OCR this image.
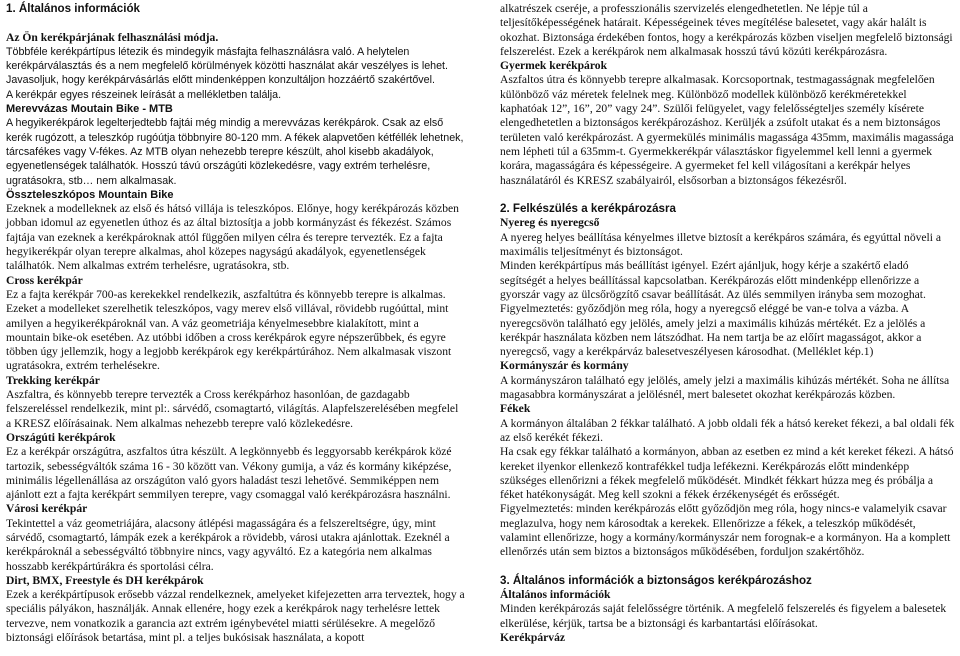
1. Általános információk
Az Ön kerékpárjának felhasználási módja.

Többféle kerékpártípus létezik és mindegyik másfajta felhasználásra való. A helytelen kerékpárválasztás és a nem megfelelő körülmények közötti használat akár veszélyes is lehet.

Javasoljuk, hogy kerékpárvásárlás előtt mindenképpen konzultáljon hozzáértő szakértővel.

A kerékpár egyes részeinek leírását a mellékletben találja.

Merevvázas Moutain Bike - MTB

A hegyikerékpárok legelterjedtebb fajtái még mindig a merevvázas kerékpárok. Csak az első kerék rugózott, a teleszkóp rugóútja többnyire 80-120 mm. A fékek alapvetően kétféllék lehetnek, tárcsafékes vagy V-fékes. Az MTB olyan nehezebb terepre készült, ahol kisebb akadályok, egyenetlenségek találhatók. Hosszú távú országúti közlekedésre, vagy extrém terhelésre, ugratásokra, stb… nem alkalmasak.

Összteleszkópos Mountain Bike

Ezeknek a modelleknek az első és hátsó villája is teleszkópos. Előnye, hogy kerékpározás közben jobban idomul az egyenetlen úthoz és az által biztosítja a jobb kormányzást és fékezést. Számos fajtája van ezeknek a kerékpároknak attól függően milyen célra és terepre tervezték. Ez a fajta hegyikerékpár olyan terepre alkalmas, ahol közepes nagyságú akadályok, egyenetlenségek találhatók. Nem alkalmas extrém terhelésre, ugratásokra, stb.

Cross kerékpár

Ez a fajta kerékpár 700-as kerekekkel rendelkezik, aszfaltútra és könnyebb terepre is alkalmas. Ezeket a modelleket szerelhetik teleszkópos, vagy merev első villával, rövidebb rugóúttal, mint amilyen a hegyikerékpároknál van. A váz geometriája kényelmesebbre kialakított, mint a mountain bike-ok esetében. Az utóbbi időben a cross kerékpárok egyre népszerűbbek, és egyre többen úgy jellemzik, hogy a legjobb kerékpárok egy kerékpártúrához. Nem alkalmasak viszont ugratásokra, extrém terhelésekre.

Trekking kerékpár

Aszfaltra, és könnyebb terepre tervezték a Cross kerékpárhoz hasonlóan, de gazdagabb felszereléssel rendelkezik, mint pl:. sárvédő, csomagtartó, világítás. Alapfelszerelésében megfelel a KRESZ előírásainak. Nem alkalmas nehezebb terepre való közlekedésre.

Országúti kerékpárok

Ez a kerékpár országútra, aszfaltos útra készült. A legkönnyebb és leggyorsabb kerékpárok közé tartozik, sebességváltók száma 16 - 30 között van. Vékony gumija, a váz és kormány kiképzése, minimális légellenállása az országúton való gyors haladást teszi lehetővé. Semmiképpen nem ajánlott ezt a fajta kerékpárt semmilyen terepre, vagy csomaggal való kerékpározásra használni.

Városi kerékpár

Tekintettel a váz geometriájára, alacsony átlépési magasságára és a felszereltségre, úgy, mint sárvédő, csomagtartó, lámpák ezek a kerékpárok a rövidebb, városi utakra ajánlottak. Ezeknél a kerékpároknál a sebességváltó többnyire nincs, vagy agyváltó. Ez a kategória nem alkalmas hosszabb kerékpártúrákra és sportolási célra.

Dirt, BMX, Freestyle és DH kerékpárok

Ezek a kerékpártípusok erősebb vázzal rendelkeznek, amelyeket kifejezetten arra terveztek, hogy a speciális pályákon, használják. Annak ellenére, hogy ezek a kerékpárok nagy terhelésre lettek tervezve, nem vonatkozik a garancia azt extrém igénybevétel miatti sérülésekre. A megelőző biztonsági előírások betartása, mint pl. a teljes bukósisak használata, a kopott

alkatrészek cseréje, a professzionális szervizelés elengedhetetlen. Ne lépje túl a teljesítőképességének határait. Képességeinek téves megítélése balesetet, vagy akár halált is okozhat. Biztonsága érdekében fontos, hogy a kerékpározás közben viseljen megfelelő biztonsági felszerelést. Ezek a kerékpárok nem alkalmasak hosszú távú közúti kerékpározásra.

Gyermek kerékpárok

Aszfaltos útra és könnyebb terepre alkalmasak. Korcsoportnak, testmagasságnak megfelelően különböző váz méretek felelnek meg. Különböző modellek különböző kerékméretekkel kaphatóak 12”, 16”, 20” vagy 24”. Szülői felügyelet, vagy felelősségteljes személy kísérete elengedhetetlen a biztonságos kerékpározáshoz. Kerüljék a zsúfolt utakat és a nem biztonságos területen való kerékpározást. A gyermekülés minimális magassága 435mm, maximális magassága nem lépheti túl a 635mm-t. Gyermekkerékpár választáskor figyelemmel kell lenni a gyermek korára, magasságára és képességeire. A gyermeket fel kell világosítani a kerékpár helyes használatáról és KRESZ szabályairól, elsősorban a biztonságos fékezésről.

2. Felkészülés a kerékpározásra
Nyereg és nyeregcső

A nyereg helyes beállítása kényelmes illetve biztosít a kerékpáros számára, és egyúttal növeli a maximális teljesítményt és biztonságot.

Minden kerékpártípus más beállítást igényel. Ezért ajánljuk, hogy kérje a szakértő eladó segítségét a helyes beállítással kapcsolatban. Kerékpározás előtt mindenképp ellenőrizze a gyorszár vagy az ülcsőrögzítő csavar beállítását. Az ülés semmilyen irányba sem mozoghat.

Figyelmeztetés: győződjön meg róla, hogy a nyeregcső eléggé be van-e tolva a vázba. A nyeregcsövön található egy jelölés, amely jelzi a maximális kihúzás mértékét. Ez a jelölés a kerékpár használata közben nem látszódhat. Ha nem tartja be az előírt magasságot, akkor a nyeregcső, vagy a kerékpárváz balesetveszélyesen károsodhat. (Melléklet kép.1)

Kormányszár és kormány

A kormányszáron található egy jelölés, amely jelzi a maximális kihúzás mértékét. Soha ne állítsa magasabbra kormányszárat a jelölésnél, mert balesetet okozhat kerékpározás közben.

Fékek

A kormányon általában 2 fékkar található. A jobb oldali fék a hátsó kereket fékezi, a bal oldali fék az első kerékét fékezi.

Ha csak egy fékkar található a kormányon, abban az esetben ez mind a két kereket fékezi. A hátsó kereket ilyenkor ellenkező kontrafékkel tudja lefékezni. Kerékpározás előtt mindenképp szükséges ellenőrizni a fékek megfelelő működését. Mindkét fékkart húzza meg és próbálja a féket hatékonyságát. Meg kell szokni a fékek érzékenységét és erősségét.

Figyelmeztetés: minden kerékpározás előtt győződjön meg róla, hogy nincs-e valamelyik csavar meglazulva, hogy nem károsodtak a kerekek. Ellenőrizze a fékek, a teleszkóp működését, valamint ellenőrizze, hogy a kormány/kormányszár nem forognak-e a kormányon. Ha a komplett ellenőrzés után sem biztos a biztonságos működésében, forduljon szakértőhöz.

3. Általános információk a biztonságos kerékpározáshoz
Általános információk

Minden kerékpározás saját felelősségre történik. A megfelelő felszerelés és figyelem a balesetek elkerülése, kérjük, tartsa be a biztonsági és karbantartási előírásokat.

Kerékpárváz
